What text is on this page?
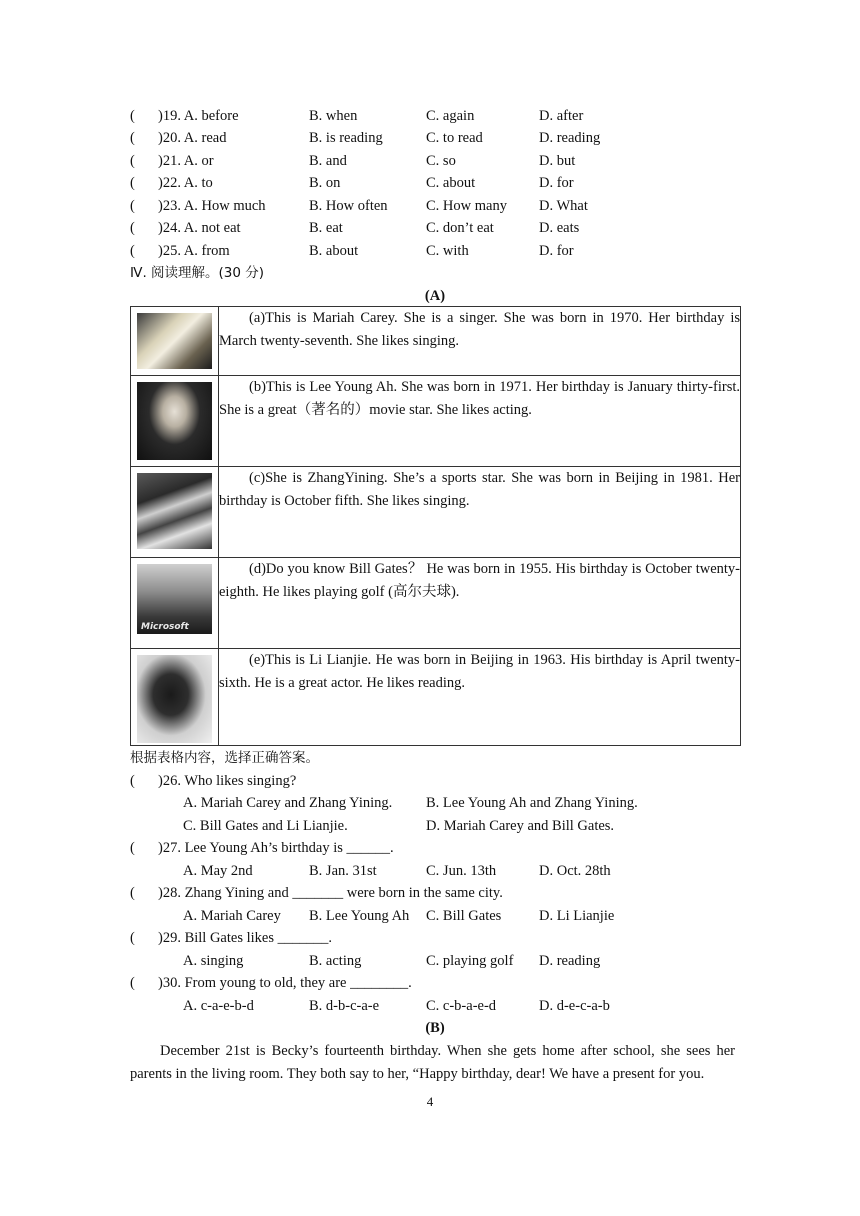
( )19. A. before	B. when	C. again	D. after
( )20. A. read	B. is reading	C. to read	D. reading
( )21. A. or	B. and	C. so	D. but
( )22. A. to	B. on	C. about	D. for
( )23. A. How much	B. How often	C. How many D. What
( )24. A. not eat	B. eat	C. don’t eat	D. eats
( )25. A. from	B. about	C. with	D. for
Ⅳ. 阅读理解。(30 分)
(A)
	(a)This is Mariah Carey. She is a singer. She was born in 1970. Her birthday is March twenty-seventh. She likes singing.

	(b)This is Lee Young Ah. She was born in 1971. Her birthday is January thirty-first. She is a great（著名的）movie star. She likes acting.

	(c)She is ZhangYining. She’s a sports star. She was born in Beijing in 1981. Her birthday is October fifth. She likes singing.

Microsoft	(d)Do you know Bill Gates？ He was born in 1955. His birthday is October twenty-eighth. He likes playing golf (高尔夫球).

	(e)This is Li Lianjie. He was born in Beijing in 1963. His birthday is April twenty-sixth. He is a great actor. He likes reading.
根据表格内容，选择正确答案。
( )26. Who likes singing?
A. Mariah Carey and Zhang Yining. B. Lee Young Ah and Zhang Yining.
C. Bill Gates and Li Lianjie.	D. Mariah Carey and Bill Gates.
( )27. Lee Young Ah’s birthday is ______.
A. May 2nd	B. Jan. 31st	C. Jun. 13th	D. Oct. 28th
( )28. Zhang Yining and _______ were born in the same city.
A. Mariah Carey B. Lee Young Ah C. Bill Gates	D. Li Lianjie
( )29. Bill Gates likes _______.
A. singing	B. acting	C. playing golf D. reading
( )30. From young to old, they are ________.
A. c-a-e-b-d	B. d-b-c-a-e	C. c-b-a-e-d	D. d-e-c-a-b
(B)
December 21st is Becky’s fourteenth birthday. When she gets home after school, she sees her parents in the living room. They both say to her, “Happy birthday, dear! We have a present for you.
4
